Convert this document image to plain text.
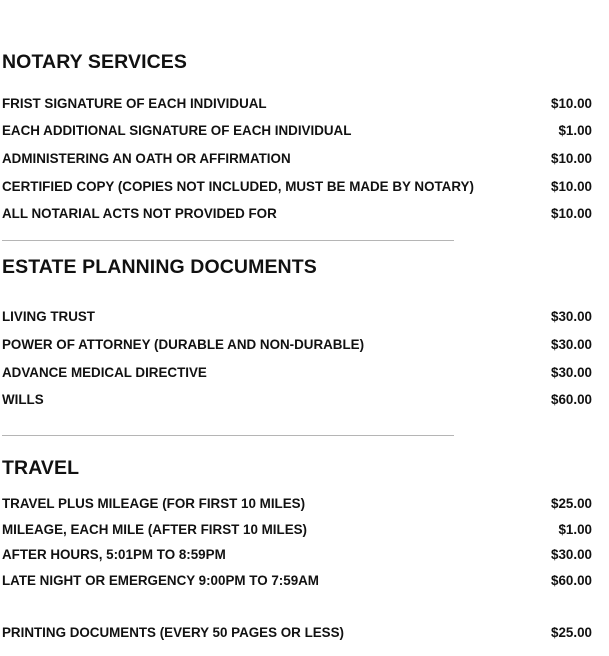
NOTARY SERVICES
FRIST SIGNATURE OF EACH INDIVIDUAL	$10.00
EACH ADDITIONAL SIGNATURE OF EACH INDIVIDUAL	$1.00
ADMINISTERING AN OATH OR AFFIRMATION	$10.00
CERTIFIED COPY (COPIES NOT INCLUDED, MUST BE MADE BY NOTARY)	$10.00
ALL NOTARIAL ACTS NOT PROVIDED FOR	$10.00
ESTATE PLANNING DOCUMENTS
LIVING TRUST	$30.00
POWER OF ATTORNEY (DURABLE AND NON-DURABLE)	$30.00
ADVANCE MEDICAL DIRECTIVE	$30.00
WILLS	$60.00
TRAVEL
TRAVEL PLUS MILEAGE (FOR FIRST 10 MILES)	$25.00
MILEAGE, EACH MILE (AFTER FIRST 10 MILES)	$1.00
AFTER HOURS, 5:01PM TO 8:59PM	$30.00
LATE NIGHT OR EMERGENCY 9:00PM TO 7:59AM	$60.00
PRINTING DOCUMENTS (EVERY 50 PAGES OR LESS)	$25.00
